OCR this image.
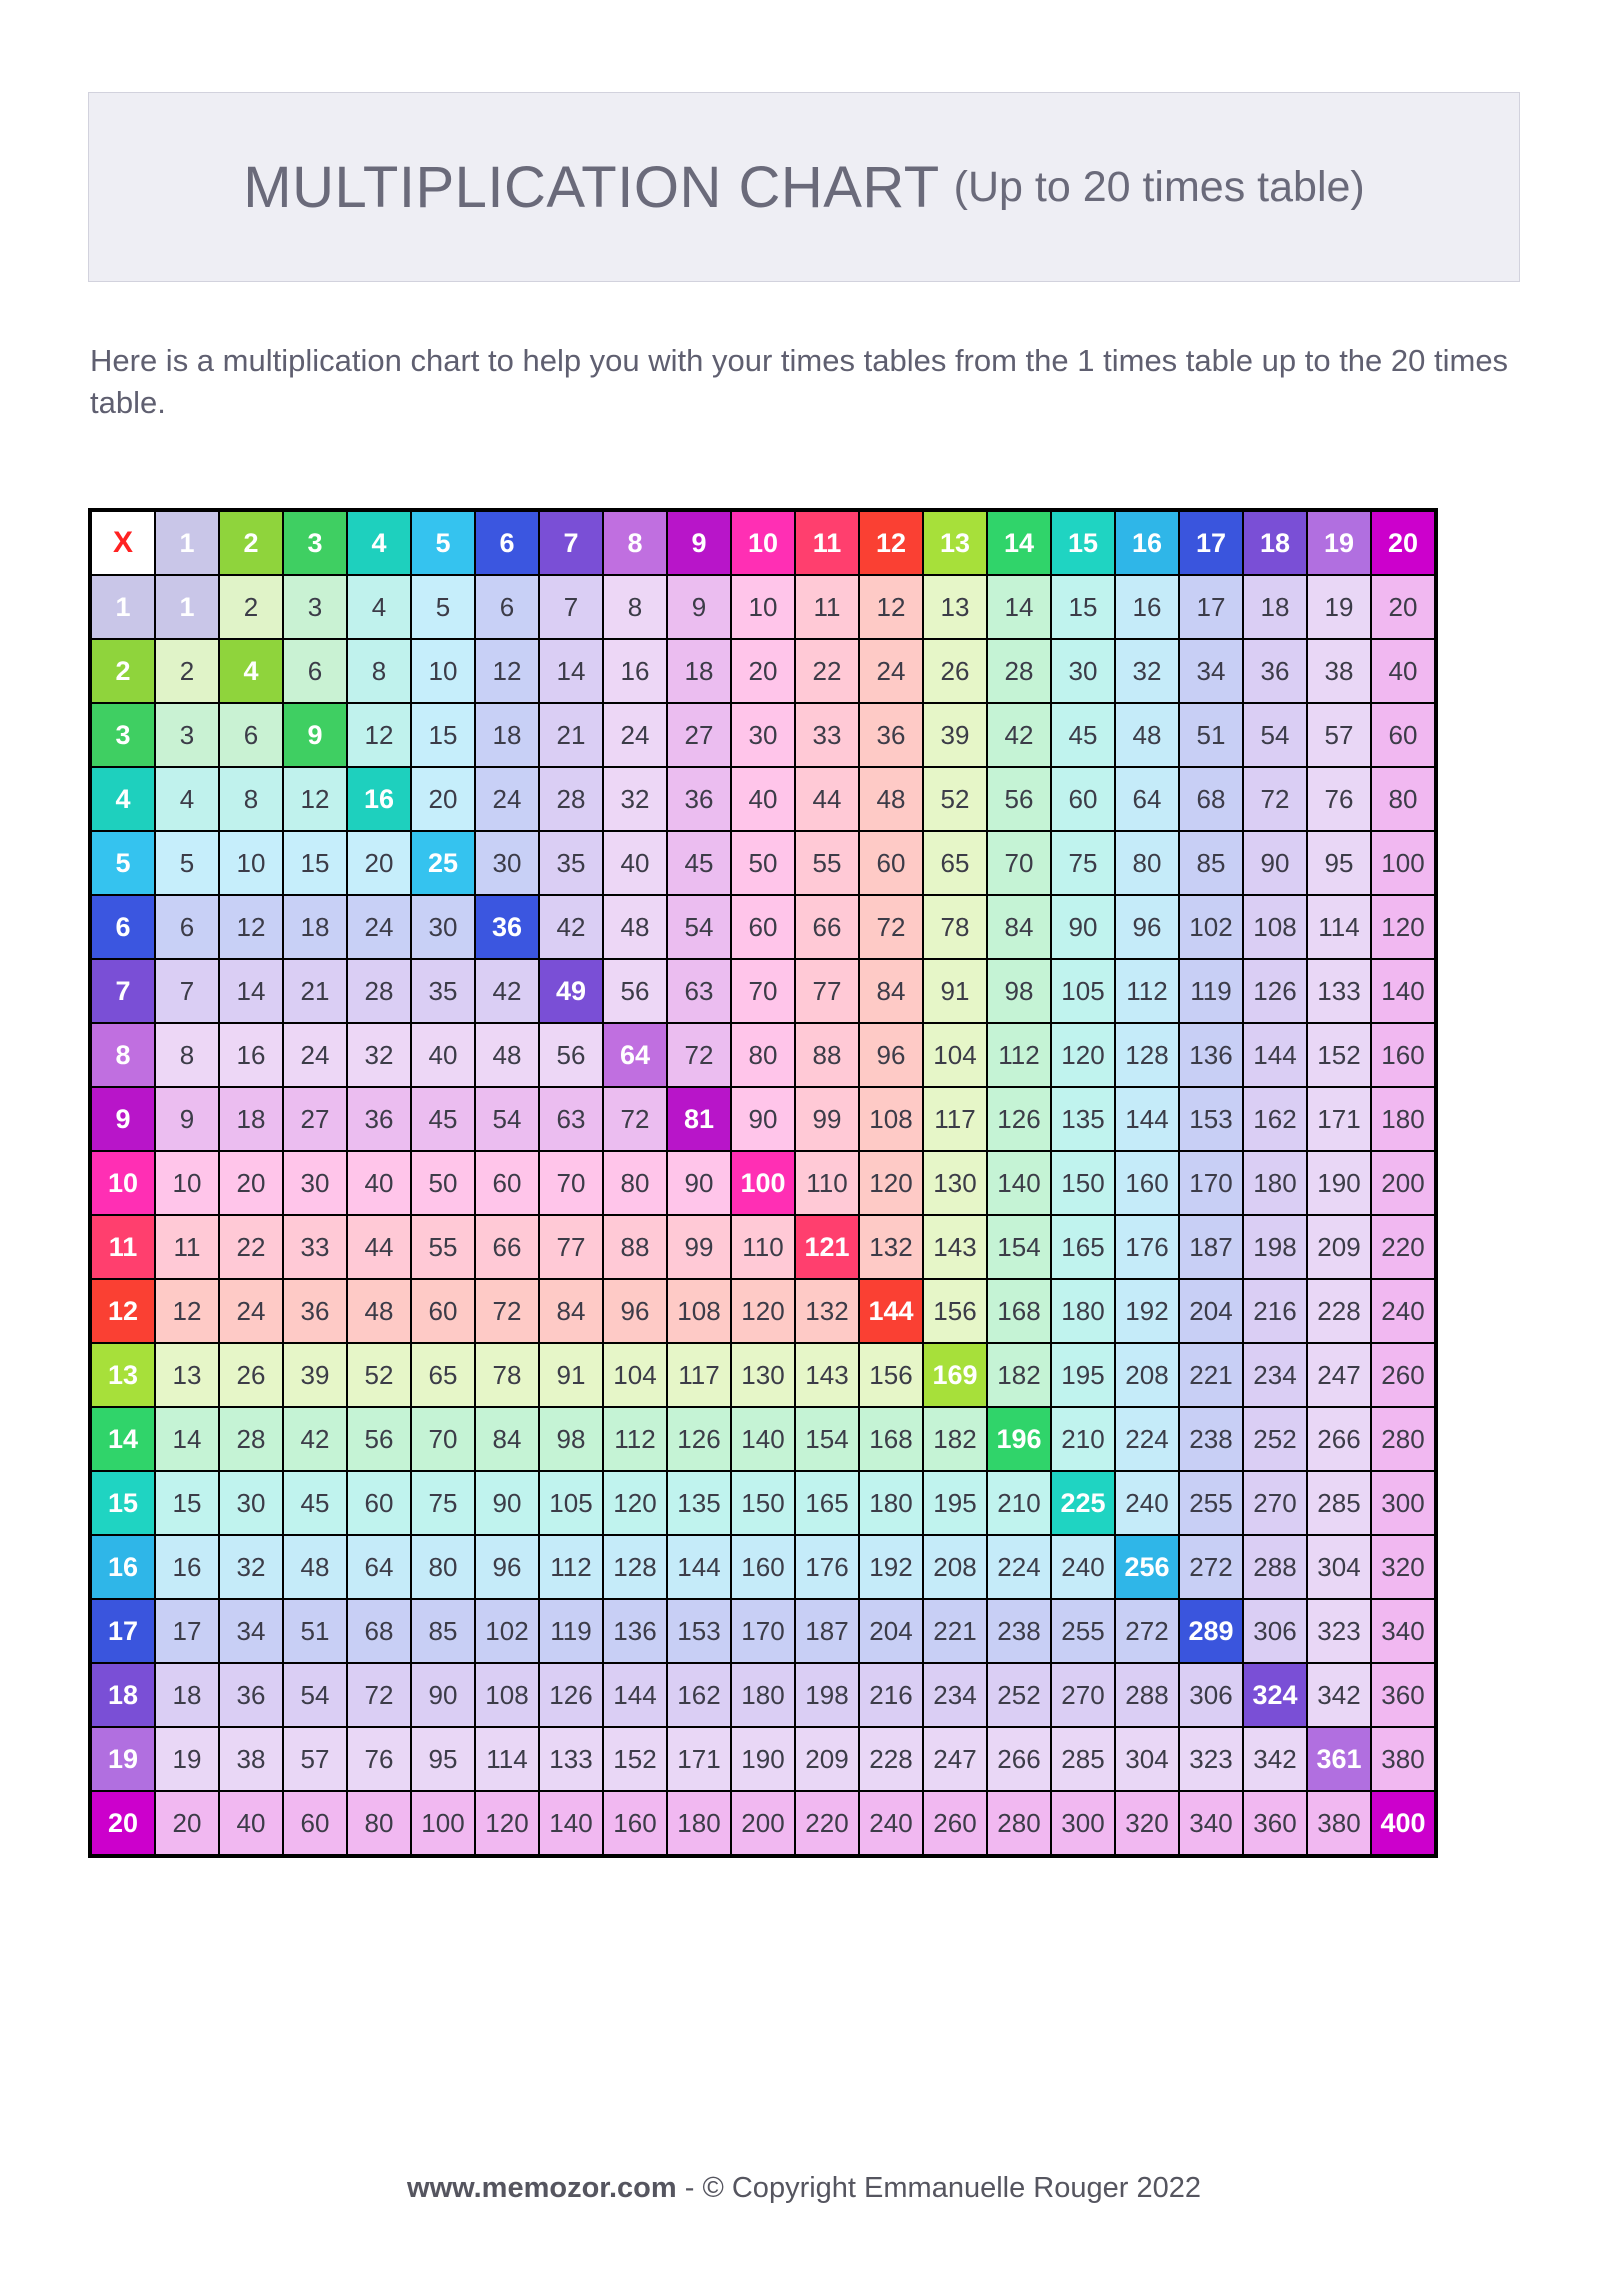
MULTIPLICATION CHART (Up to 20 times table)
Here is a multiplication chart to help you with your times tables from the 1 times table up to the 20 times table.
X	1	2	3	4	5	6	7	8	9	10	11	12	13	14	15	16	17	18	19	20
1	1	2	3	4	5	6	7	8	9	10	11	12	13	14	15	16	17	18	19	20
2	2	4	6	8	10	12	14	16	18	20	22	24	26	28	30	32	34	36	38	40
3	3	6	9	12	15	18	21	24	27	30	33	36	39	42	45	48	51	54	57	60
4	4	8	12	16	20	24	28	32	36	40	44	48	52	56	60	64	68	72	76	80
5	5	10	15	20	25	30	35	40	45	50	55	60	65	70	75	80	85	90	95	100
6	6	12	18	24	30	36	42	48	54	60	66	72	78	84	90	96	102	108	114	120
7	7	14	21	28	35	42	49	56	63	70	77	84	91	98	105	112	119	126	133	140
8	8	16	24	32	40	48	56	64	72	80	88	96	104	112	120	128	136	144	152	160
9	9	18	27	36	45	54	63	72	81	90	99	108	117	126	135	144	153	162	171	180
10	10	20	30	40	50	60	70	80	90	100	110	120	130	140	150	160	170	180	190	200
11	11	22	33	44	55	66	77	88	99	110	121	132	143	154	165	176	187	198	209	220
12	12	24	36	48	60	72	84	96	108	120	132	144	156	168	180	192	204	216	228	240
13	13	26	39	52	65	78	91	104	117	130	143	156	169	182	195	208	221	234	247	260
14	14	28	42	56	70	84	98	112	126	140	154	168	182	196	210	224	238	252	266	280
15	15	30	45	60	75	90	105	120	135	150	165	180	195	210	225	240	255	270	285	300
16	16	32	48	64	80	96	112	128	144	160	176	192	208	224	240	256	272	288	304	320
17	17	34	51	68	85	102	119	136	153	170	187	204	221	238	255	272	289	306	323	340
18	18	36	54	72	90	108	126	144	162	180	198	216	234	252	270	288	306	324	342	360
19	19	38	57	76	95	114	133	152	171	190	209	228	247	266	285	304	323	342	361	380
20	20	40	60	80	100	120	140	160	180	200	220	240	260	280	300	320	340	360	380	400
www.memozor.com - © Copyright Emmanuelle Rouger 2022
